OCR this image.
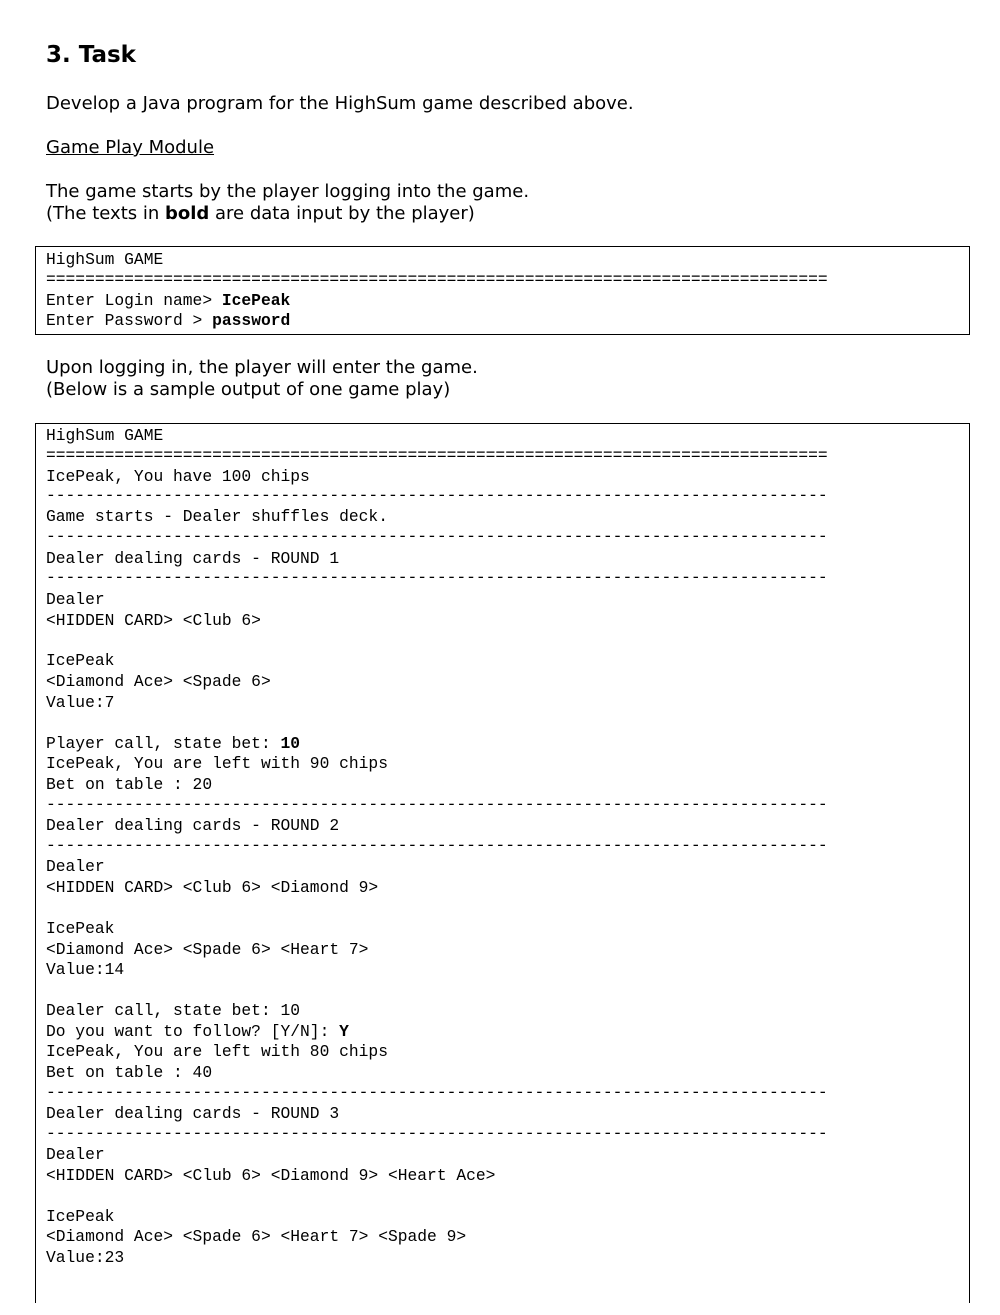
3. Task

Develop a Java program for the HighSum game described above.

Game Play Module

The game starts by the player logging into the game.

(The texts in bold are data input by the player)

HighSum GAME

================================================================================

Enter Login name> IcePeak

Enter Password > password

Upon logging in, the player will enter the game.

(Below is a sample output of one game play)

HighSum GAME

================================================================================

IcePeak, You have 100 chips

--------------------------------------------------------------------------------

Game starts - Dealer shuffles deck.

--------------------------------------------------------------------------------

Dealer dealing cards - ROUND 1

--------------------------------------------------------------------------------

Dealer

<HIDDEN CARD> <Club 6>

IcePeak

<Diamond Ace> <Spade 6>

Value:7

Player call, state bet: 10

IcePeak, You are left with 90 chips

Bet on table : 20

--------------------------------------------------------------------------------

Dealer dealing cards - ROUND 2

--------------------------------------------------------------------------------

Dealer

<HIDDEN CARD> <Club 6> <Diamond 9>

IcePeak

<Diamond Ace> <Spade 6> <Heart 7>

Value:14

Dealer call, state bet: 10

Do you want to follow? [Y/N]: Y

IcePeak, You are left with 80 chips

Bet on table : 40

--------------------------------------------------------------------------------

Dealer dealing cards - ROUND 3

--------------------------------------------------------------------------------

Dealer

<HIDDEN CARD> <Club 6> <Diamond 9> <Heart Ace>

IcePeak

<Diamond Ace> <Spade 6> <Heart 7> <Spade 9>

Value:23
